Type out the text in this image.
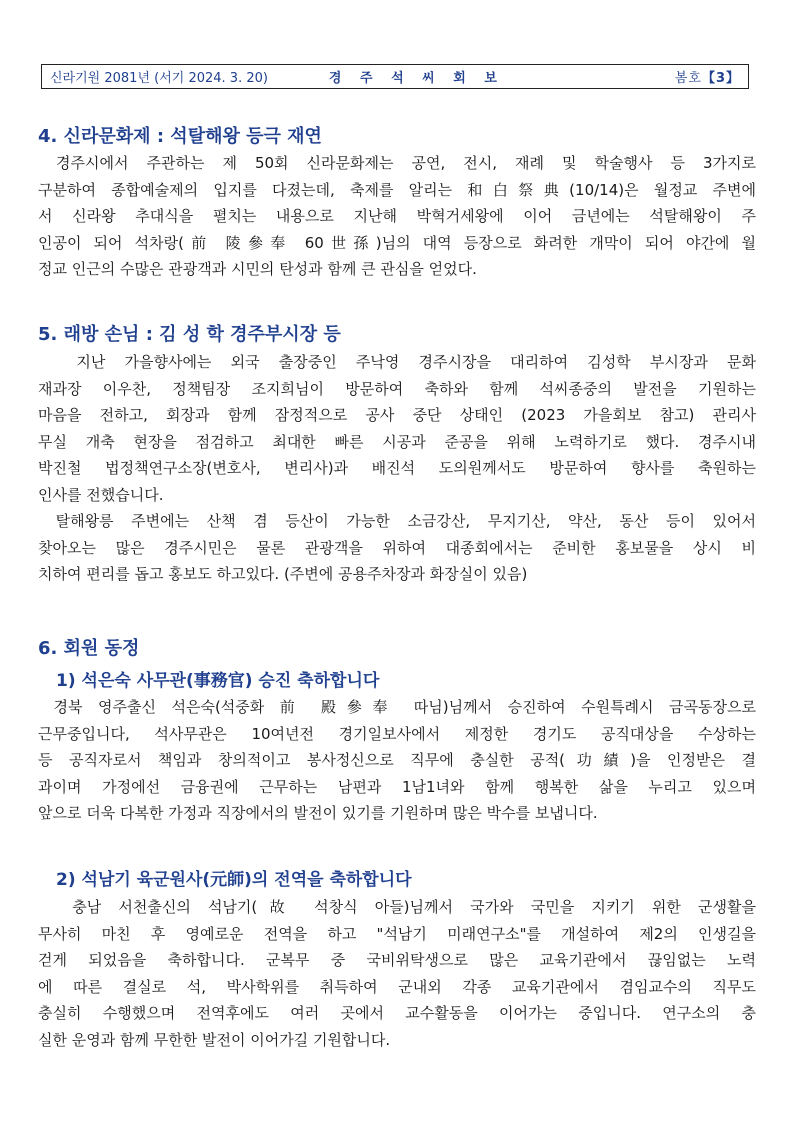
신라기원 2081년 (서기 2024. 3. 20)	경 주 석 씨 회 보	봄호【3】
4. 신라문화제 : 석탈해왕 등극 재연
경주시에서 주관하는 제 50회 신라문화제는 공연, 전시, 재례 및 학술행사 등 3가지로
구분하여 종합예술제의 입지를 다졌는데, 축제를 알리는 和白祭典(10/14)은 월정교 주변에
서 신라왕 추대식을 펼치는 내용으로 지난해 박혁거세왕에 이어 금년에는 석탈해왕이 주
인공이 되어 석차랑(前 陵參奉 60世孫)님의 대역 등장으로 화려한 개막이 되어 야간에 월
정교 인근의 수많은 관광객과 시민의 탄성과 함께 큰 관심을 얻었다.
5. 래방 손님 : 김 성 학 경주부시장 등
지난 가을향사에는 외국 출장중인 주낙영 경주시장을 대리하여 김성학 부시장과 문화
재과장 이우찬, 정책팀장 조지희님이 방문하여 축하와 함께 석씨종중의 발전을 기원하는
마음을 전하고, 회장과 함께 잠정적으로 공사 중단 상태인 (2023 가을회보 참고) 관리사
무실 개축 현장을 점검하고 최대한 빠른 시공과 준공을 위해 노력하기로 했다. 경주시내
박진철 법정책연구소장(변호사, 변리사)과 배진석 도의원께서도 방문하여 향사를 축원하는
인사를 전했습니다.
탈해왕릉 주변에는 산책 겸 등산이 가능한 소금강산, 무지기산, 약산, 동산 등이 있어서
찾아오는 많은 경주시민은 물론 관광객을 위하여 대종회에서는 준비한 홍보물을 상시 비
치하여 편리를 돕고 홍보도 하고있다. (주변에 공용주차장과 화장실이 있음)
6. 회원 동정
1) 석은숙 사무관(事務官) 승진 축하합니다
경북 영주출신 석은숙(석중화 前 殿參奉 따님)님께서 승진하여 수원특례시 금곡동장으로
근무중입니다, 석사무관은 10여년전 경기일보사에서 제정한 경기도 공직대상을 수상하는
등 공직자로서 책임과 창의적이고 봉사정신으로 직무에 충실한 공적(功績)을 인정받은 결
과이며 가정에선 금융권에 근무하는 남편과 1남1녀와 함께 행복한 삶을 누리고 있으며
앞으로 더욱 다복한 가정과 직장에서의 발전이 있기를 기원하며 많은 박수를 보냅니다.
2) 석남기 육군원사(元師)의 전역을 축하합니다
충남 서천출신의 석남기(故 석창식 아들)님께서 국가와 국민을 지키기 위한 군생활을
무사히 마친 후 영예로운 전역을 하고 "석남기 미래연구소"를 개설하여 제2의 인생길을
걷게 되었음을 축하합니다. 군복무 중 국비위탁생으로 많은 교육기관에서 끊임없는 노력
에 따른 결실로 석, 박사학위를 취득하여 군내외 각종 교육기관에서 겸임교수의 직무도
충실히 수행했으며 전역후에도 여러 곳에서 교수활동을 이어가는 중입니다. 연구소의 충
실한 운영과 함께 무한한 발전이 이어가길 기원합니다.
